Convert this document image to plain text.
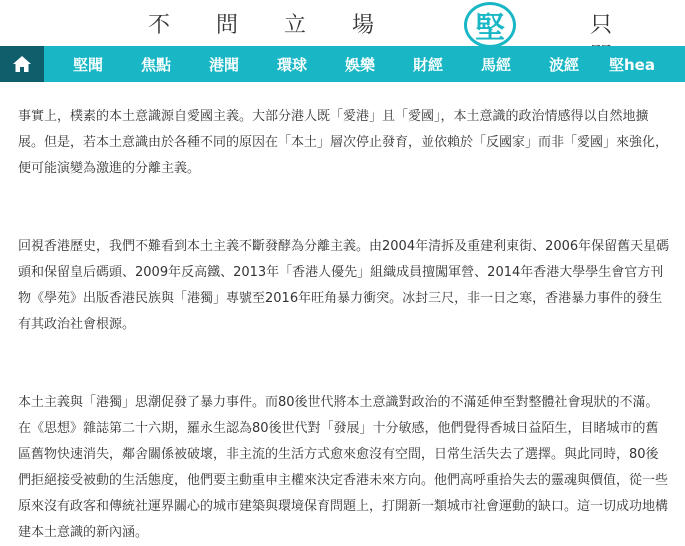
不 問 立 場	堅	只
堅聞	焦點	港聞	環球	娛樂	財經	馬經	波經	堅hea

事實上，樸素的本土意識源自愛國主義。大部分港人既「愛港」且「愛國」，本土意識的政治情感得以自然地擴展。但是，若本土意識由於各種不同的原因在「本土」層次停止發育，並依賴於「反國家」而非「愛國」來強化，便可能演變為激進的分離主義。

回視香港歷史，我們不難看到本土主義不斷發酵為分離主義。由2004年清拆及重建利東街、2006年保留舊天星碼頭和保留皇后碼頭、2009年反高鐵、2013年「香港人優先」組織成員擅闖軍營、2014年香港大學學生會官方刊物《學苑》出版香港民族與「港獨」專號至2016年旺角暴力衝突。冰封三尺，非一日之寒，香港暴力事件的發生有其政治社會根源。

本土主義與「港獨」思潮促發了暴力事件。而80後世代將本土意識對政治的不滿延伸至對整體社會現狀的不滿。在《思想》雜誌第二十六期，羅永生認為80後世代對「發展」十分敏感，他們覺得香城日益陌生，目睹城市的舊區舊物快速消失，鄰舍關係被破壞，非主流的生活方式愈來愈沒有空間，日常生活失去了選擇。與此同時，80後們拒絕接受被動的生活態度，他們要主動重申主權來決定香港未來方向。他們高呼重拾失去的靈魂與價值，從一些原來沒有政客和傳統社運界關心的城市建築與環境保育問題上，打開新一類城市社會運動的缺口。這一切成功地構建本土意識的新內涵。
